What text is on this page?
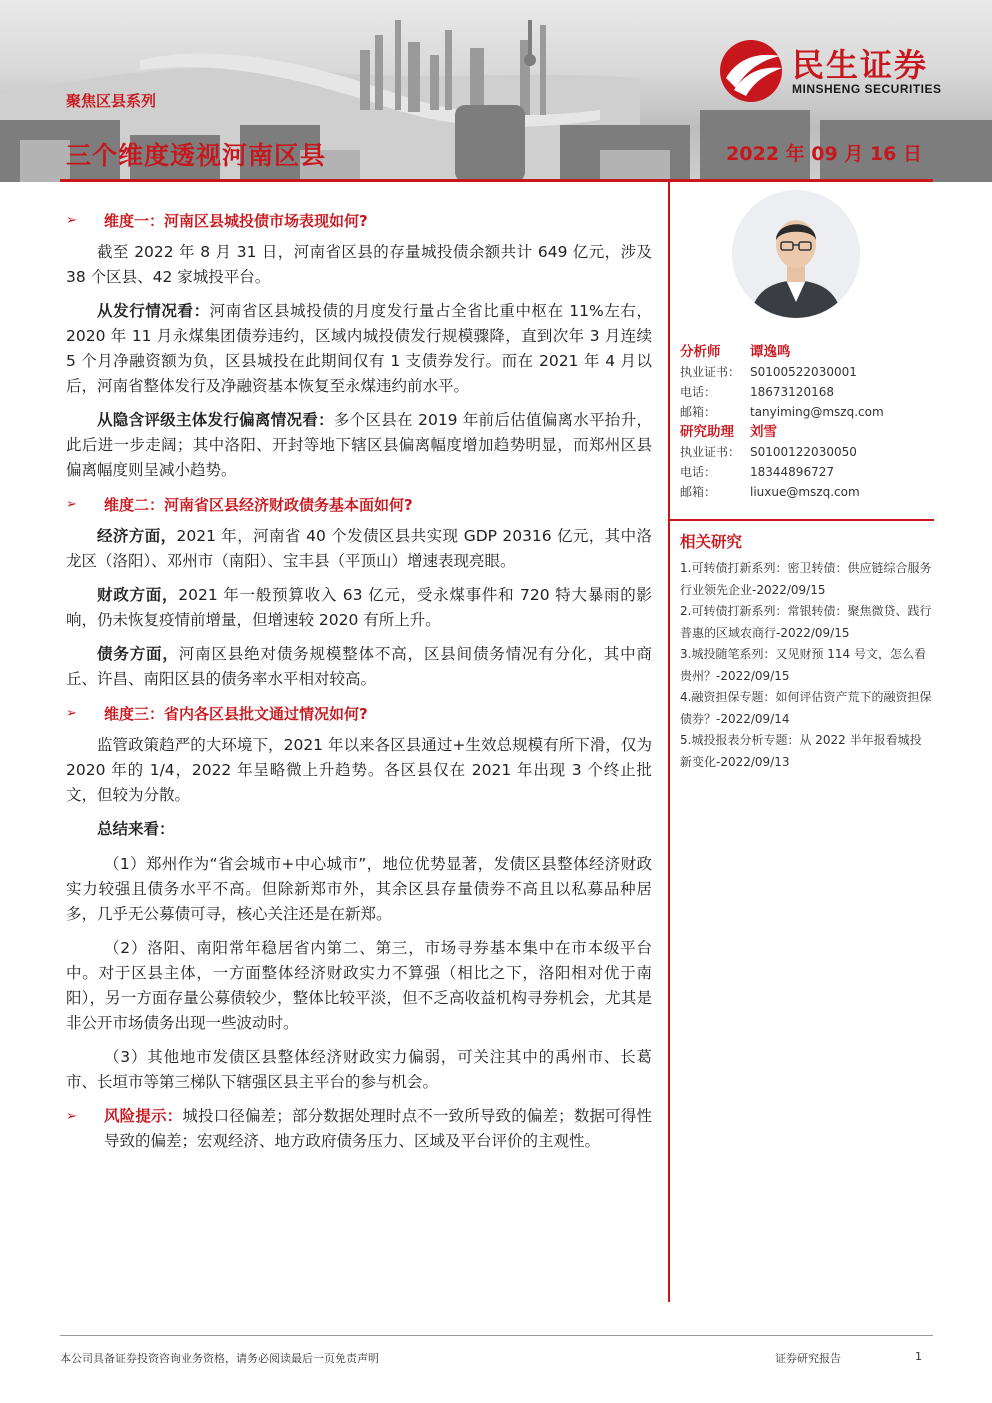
民生证券
MINSHENG SECURITIES
聚焦区县系列
三个维度透视河南区县	2022 年 09 月 16 日
➢	维度一：河南区县城投债市场表现如何?

截至 2022 年 8 月 31 日，河南省区县的存量城投债余额共计 649 亿元，涉及 38 个区县、42 家城投平台。

从发行情况看：河南省区县城投债的月度发行量占全省比重中枢在 11%左右，2020 年 11 月永煤集团债券违约，区域内城投债发行规模骤降，直到次年 3 月连续 5 个月净融资额为负，区县城投在此期间仅有 1 支债券发行。而在 2021 年 4 月以后，河南省整体发行及净融资基本恢复至永煤违约前水平。

从隐含评级主体发行偏离情况看：多个区县在 2019 年前后估值偏离水平抬升，此后进一步走阔；其中洛阳、开封等地下辖区县偏离幅度增加趋势明显，而郑州区县偏离幅度则呈减小趋势。

➢	维度二：河南省区县经济财政债务基本面如何?

经济方面，2021 年，河南省 40 个发债区县共实现 GDP 20316 亿元，其中洛龙区（洛阳）、邓州市（南阳）、宝丰县（平顶山）增速表现亮眼。

财政方面，2021 年一般预算收入 63 亿元，受永煤事件和 720 特大暴雨的影响，仍未恢复疫情前增量，但增速较 2020 有所上升。

债务方面，河南区县绝对债务规模整体不高，区县间债务情况有分化，其中商丘、许昌、南阳区县的债务率水平相对较高。

➢	维度三：省内各区县批文通过情况如何?

监管政策趋严的大环境下，2021 年以来各区县通过+生效总规模有所下滑，仅为 2020 年的 1/4，2022 年呈略微上升趋势。各区县仅在 2021 年出现 3 个终止批文，但较为分散。

总结来看：

（1）郑州作为“省会城市+中心城市”，地位优势显著，发债区县整体经济财政实力较强且债务水平不高。但除新郑市外，其余区县存量债券不高且以私募品种居多，几乎无公募债可寻，核心关注还是在新郑。

（2）洛阳、南阳常年稳居省内第二、第三，市场寻券基本集中在市本级平台中。对于区县主体，一方面整体经济财政实力不算强（相比之下，洛阳相对优于南阳），另一方面存量公募债较少，整体比较平淡，但不乏高收益机构寻券机会，尤其是非公开市场债务出现一些波动时。

（3）其他地市发债区县整体经济财政实力偏弱，可关注其中的禹州市、长葛市、长垣市等第三梯队下辖强区县主平台的参与机会。

➢	风险提示：城投口径偏差；部分数据处理时点不一致所导致的偏差；数据可得性导致的偏差；宏观经济、地方政府债务压力、区域及平台评价的主观性。
分析师	谭逸鸣
执业证书： S0100522030001
电话：	18673120168
邮箱：	tanyiming@mszq.com
研究助理	刘雪
执业证书： S0100122030050
电话：	18344896727
邮箱：	liuxue@mszq.com
相关研究

1.可转债打新系列：密卫转债：供应链综合服务行业领先企业-2022/09/15

2.可转债打新系列：常银转债：聚焦微贷、践行普惠的区域农商行-2022/09/15

3.城投随笔系列：又见财预 114 号文，怎么看贵州？-2022/09/15

4.融资担保专题：如何评估资产荒下的融资担保债券？-2022/09/14

5.城投报表分析专题：从 2022 半年报看城投新变化-2022/09/13

本公司具备证券投资咨询业务资格，请务必阅读最后一页免责声明	证券研究报告	1
